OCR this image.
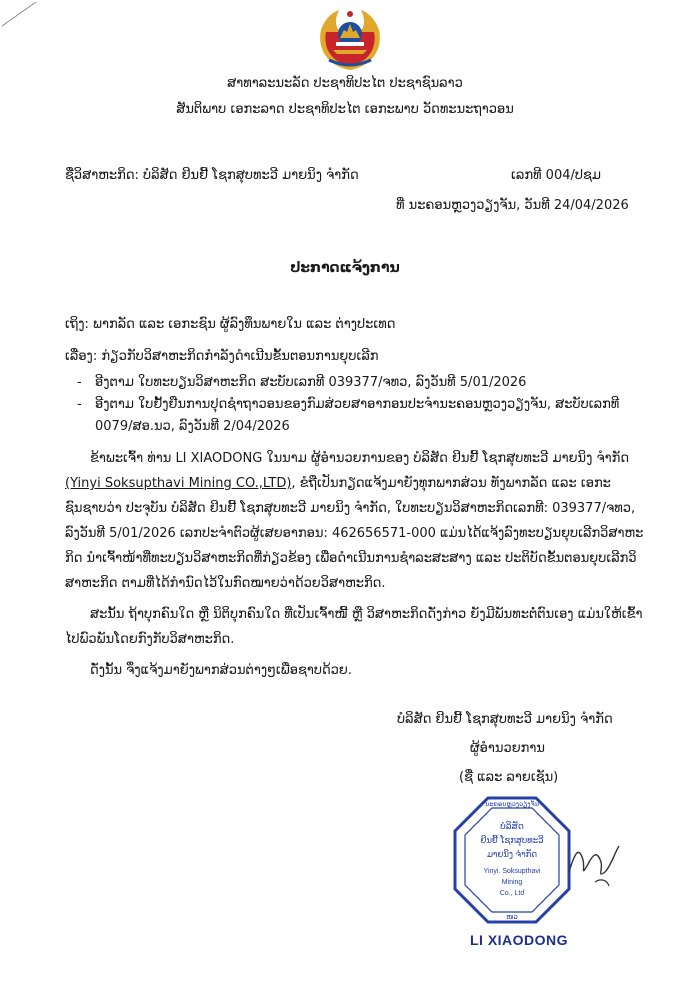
ສາທາລະນະລັດ ປະຊາທິປະໄຕ ປະຊາຊົນລາວ
ສັນຕິພາບ ເອກະລາດ ປະຊາທິປະໄຕ ເອກະພາບ ວັດທະນະຖາວອນ
ຊື່ວິສາຫະກິດ: ບໍລິສັດ ຢິນຢີ້ ໂຊກສຸບທະວີ ມາຍນິງ ຈຳກັດ	ເລກທີ 004/ປຊມ
ທີ່ ນະຄອນຫຼວງວຽງຈັນ, ວັນທີ 24/04/2026
ປະກາດແຈ້ງການ
ເຖິງ: ພາກລັດ ແລະ ເອກະຊົນ ຜູ້ລົງທຶນພາຍໃນ ແລະ ຕ່າງປະເທດ
ເລື່ອງ: ກ່ຽວກັບວິສາຫະກິດກຳລັງດຳເນີນຂັ້ນຕອນການຍຸບເລີກ
- ອີງຕາມ ໃບທະບຽນວິສາຫະກິດ ສະບັບເລກທີ 039377/ຈທວ, ລົງວັນທີ 5/01/2026
- ອີງຕາມ ໃບຢັ້ງຢືນການປຸດຊຳຖາວອນຂອງກົມສ່ວຍສາອາກອນປະຈຳນະຄອນຫຼວງວຽງຈັນ, ສະບັບເລກທີ
0079/ສອ.ນວ, ລົງວັນທີ 2/04/2026
ຂ້າພະເຈົ້າ ທ່ານ LI XIAODONG ໃນນາມ ຜູ້ອຳນວຍການຂອງ ບໍລິສັດ ຢິນຢີ້ ໂຊກສຸບທະວີ ມາຍນິງ ຈຳກັດ
(Yinyi Soksupthavi Mining CO.,LTD), ຂໍຖືເປັນກຽດແຈ້ງມາຍັງທຸກພາກສ່ວນ ທັງພາກລັດ ແລະ ເອກະ
ຊົນຊາບວ່າ ປະຈຸບັນ ບໍລິສັດ ຢິນຢີ້ ໂຊກສຸບທະວີ ມາຍນິງ ຈຳກັດ, ໃບທະບຽນວິສາຫະກິດເລກທີ: 039377/ຈທວ,
ລົງວັນທີ 5/01/2026 ເລກປະຈຳຕົວຜູ້ເສຍອາກອນ: 462656571-000 ແມ່ນໄດ້ແຈ້ງລົງທະບຽນຍຸບເລີກວິສາຫະ
ກິດ ນຳເຈົ້າໜ້າທີ່ທະບຽນວິສາຫະກິດທີ່ກ່ຽວຂ້ອງ ເພື່ອດຳເນີນການຊຳລະສະສາງ ແລະ ປະຕິບັດຂັ້ນຕອນຍຸບເລີກວິ
ສາຫະກິດ ຕາມທີ່ໄດ້ກຳນົດໄວ້ໃນກົດໝາຍວ່າດ້ວຍວິສາຫະກິດ.
ສະນັ້ນ ຖ້າບຸກຄົນໃດ ຫຼື ນິຕິບຸກຄົນໃດ ທີ່ເປັນເຈົ້າໜີ້ ຫຼື ວິສາຫະກິດດັ່ງກ່າວ ຍັງມີພັນທະຕໍ່ຕົນເອງ ແມ່ນໃຫ້ເຂົ້າ
ໄປພົວພັນໂດຍກົງກັບວິສາຫະກິດ.
ດັ່ງນັ້ນ ຈຶ່ງແຈ້ງມາຍັງພາກສ່ວນຕ່າງໆເພື່ອຊາບດ້ວຍ.
ບໍລິສັດ ຢິນຢີ້ ໂຊກສຸບທະວີ ມາຍນິງ ຈຳກັດ
ຜູ້ອຳນວຍການ
(ຊື່ ແລະ ລາຍເຊັນ)
ນະຄອນຫຼວງວຽງຈັນ
ບໍລິສັດ
ຢິນຢີ້ ໂຊກສຸບທະວີ
ມາຍນິງ ຈຳກັດ
Yinyi. Soksupthavi
Mining
Co., Ltd
ໜວ
LI XIAODONG
